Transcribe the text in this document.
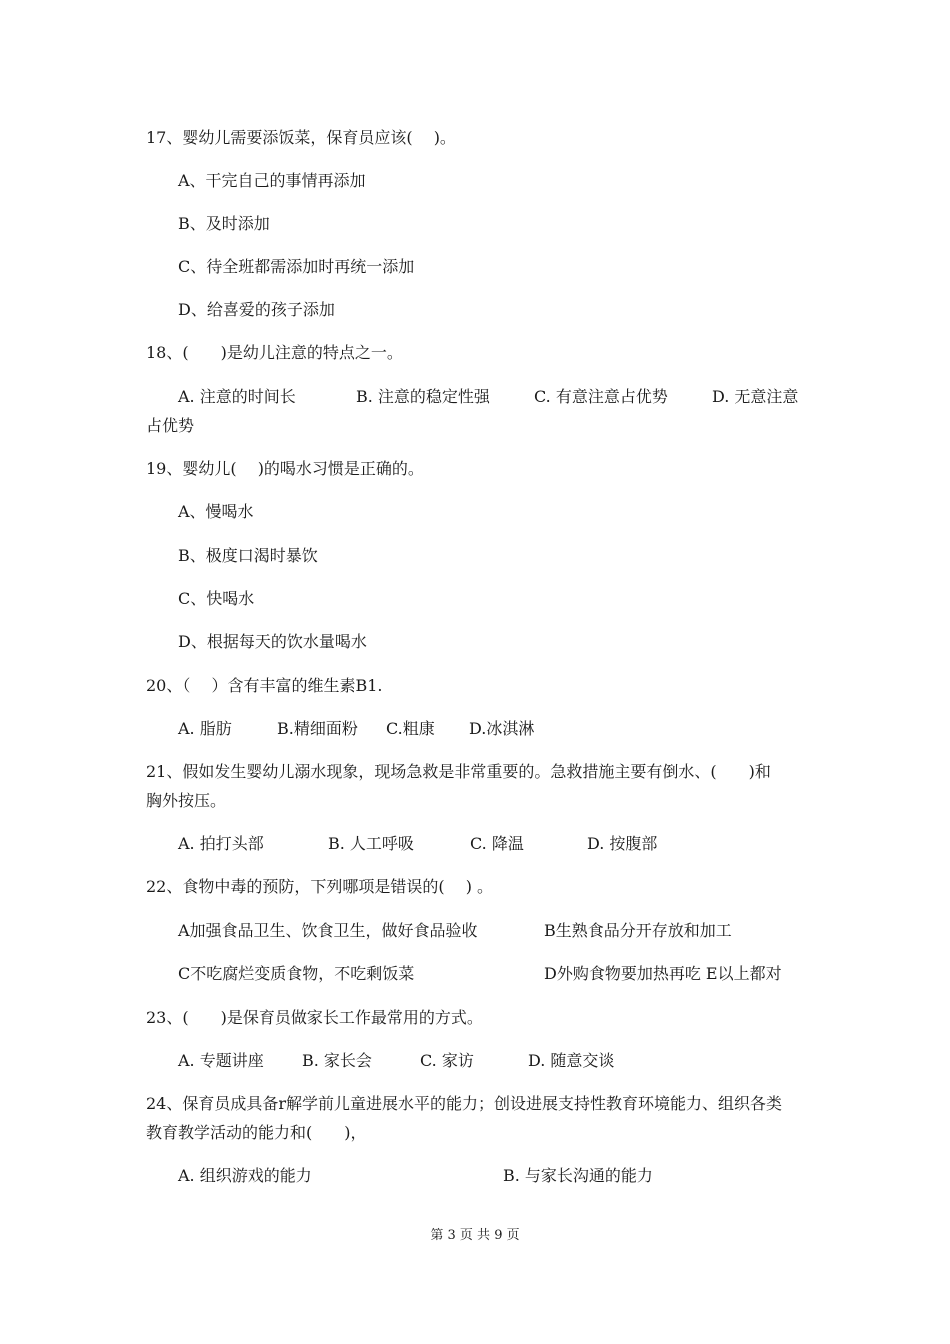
17、婴幼儿需要添饭菜，保育员应该(　 )。
A、干完自己的事情再添加
B、及时添加
C、待全班都需添加时再统一添加
D、给喜爱的孩子添加
18、(　　)是幼儿注意的特点之一。
A. 注意的时间长	B. 注意的稳定性强	C. 有意注意占优势	D. 无意注意
占优势
19、婴幼儿(　 )的喝水习惯是正确的。
A、慢喝水
B、极度口渴时暴饮
C、快喝水
D、根据每天的饮水量喝水
20、（　 ）含有丰富的维生素B1.
A. 脂肪	B.精细面粉 C.粗康 D.冰淇淋
21、假如发生婴幼儿溺水现象，现场急救是非常重要的。急救措施主要有倒水、(　　)和
胸外按压。
A. 拍打头部	B. 人工呼吸	C. 降温	D. 按腹部
22、食物中毒的预防，下列哪项是错误的(　 ) 。
A加强食品卫生、饮食卫生，做好食品验收	B生熟食品分开存放和加工
C不吃腐烂变质食物，不吃剩饭菜	D外购食物要加热再吃 E以上都对
23、(　　)是保育员做家长工作最常用的方式。
A. 专题讲座 B. 家长会	C. 家访	D. 随意交谈
24、保育员成具备r解学前儿童进展水平的能力；创设进展支持性教育环境能力、组织各类
教育教学活动的能力和(　　)，
A. 组织游戏的能力	B. 与家长沟通的能力
第 3 页 共 9 页
